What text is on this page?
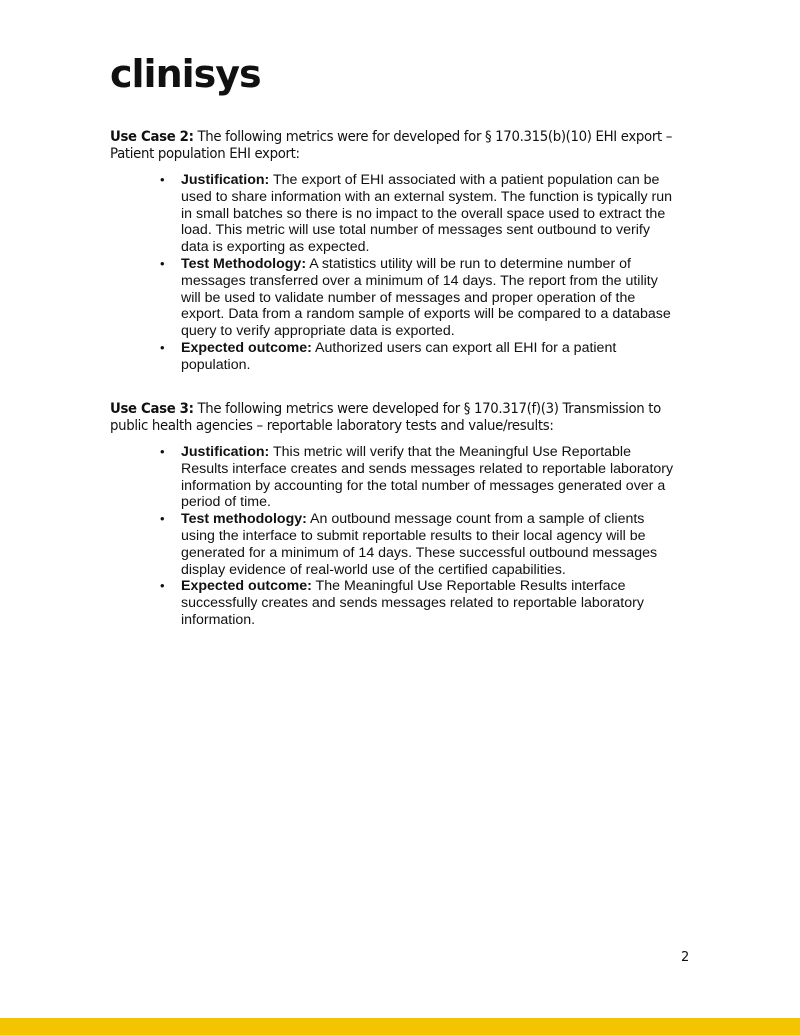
clinisys

Use Case 2: The following metrics were for developed for § 170.315(b)(10) EHI export – Patient population EHI export:

• Justification: The export of EHI associated with a patient population can be used to share information with an external system. The function is typically run in small batches so there is no impact to the overall space used to extract the load. This metric will use total number of messages sent outbound to verify data is exporting as expected.
• Test Methodology: A statistics utility will be run to determine number of messages transferred over a minimum of 14 days. The report from the utility will be used to validate number of messages and proper operation of the export. Data from a random sample of exports will be compared to a database query to verify appropriate data is exported.
• Expected outcome: Authorized users can export all EHI for a patient population.

Use Case 3: The following metrics were developed for § 170.317(f)(3) Transmission to public health agencies – reportable laboratory tests and value/results:

• Justification: This metric will verify that the Meaningful Use Reportable Results interface creates and sends messages related to reportable laboratory information by accounting for the total number of messages generated over a period of time.
• Test methodology: An outbound message count from a sample of clients using the interface to submit reportable results to their local agency will be generated for a minimum of 14 days. These successful outbound messages display evidence of real-world use of the certified capabilities.
• Expected outcome: The Meaningful Use Reportable Results interface successfully creates and sends messages related to reportable laboratory information.
2
